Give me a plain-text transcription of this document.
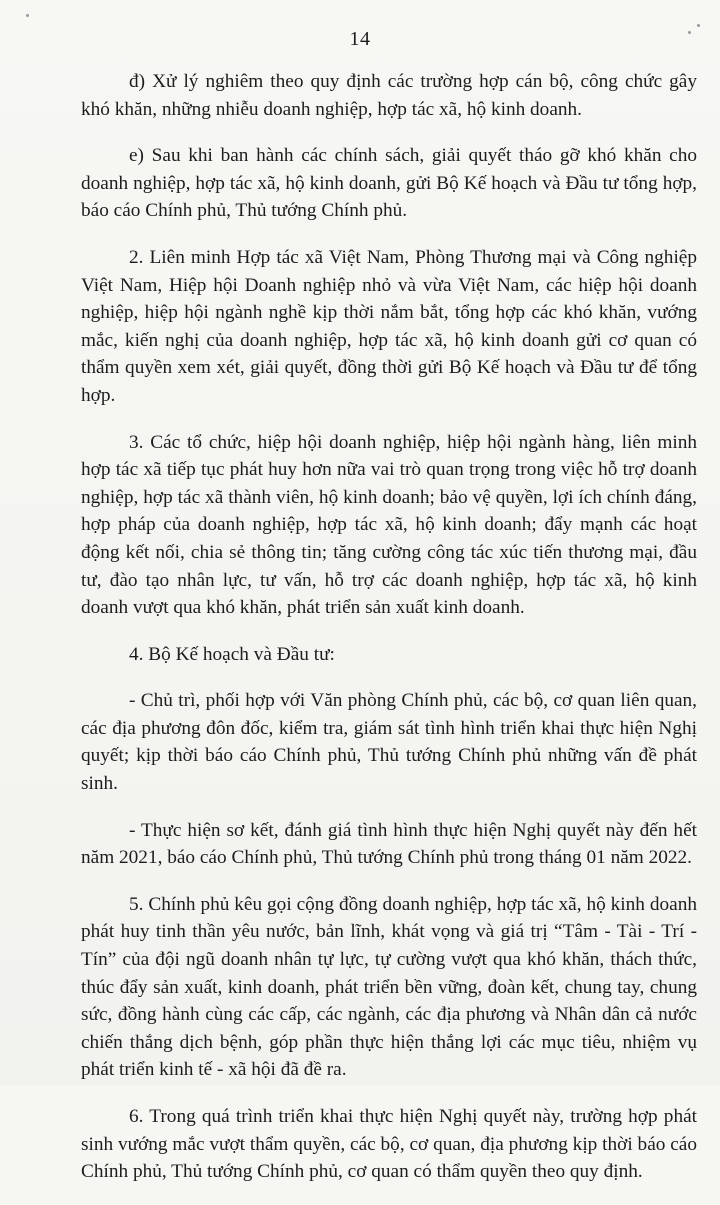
14

đ) Xử lý nghiêm theo quy định các trường hợp cán bộ, công chức gây khó khăn, những nhiễu doanh nghiệp, hợp tác xã, hộ kinh doanh.

e) Sau khi ban hành các chính sách, giải quyết tháo gỡ khó khăn cho doanh nghiệp, hợp tác xã, hộ kinh doanh, gửi Bộ Kế hoạch và Đầu tư tổng hợp, báo cáo Chính phủ, Thủ tướng Chính phủ.

2. Liên minh Hợp tác xã Việt Nam, Phòng Thương mại và Công nghiệp Việt Nam, Hiệp hội Doanh nghiệp nhỏ và vừa Việt Nam, các hiệp hội doanh nghiệp, hiệp hội ngành nghề kịp thời nắm bắt, tổng hợp các khó khăn, vướng mắc, kiến nghị của doanh nghiệp, hợp tác xã, hộ kinh doanh gửi cơ quan có thẩm quyền xem xét, giải quyết, đồng thời gửi Bộ Kế hoạch và Đầu tư để tổng hợp.

3. Các tổ chức, hiệp hội doanh nghiệp, hiệp hội ngành hàng, liên minh hợp tác xã tiếp tục phát huy hơn nữa vai trò quan trọng trong việc hỗ trợ doanh nghiệp, hợp tác xã thành viên, hộ kinh doanh; bảo vệ quyền, lợi ích chính đáng, hợp pháp của doanh nghiệp, hợp tác xã, hộ kinh doanh; đẩy mạnh các hoạt động kết nối, chia sẻ thông tin; tăng cường công tác xúc tiến thương mại, đầu tư, đào tạo nhân lực, tư vấn, hỗ trợ các doanh nghiệp, hợp tác xã, hộ kinh doanh vượt qua khó khăn, phát triển sản xuất kinh doanh.

4. Bộ Kế hoạch và Đầu tư:

- Chủ trì, phối hợp với Văn phòng Chính phủ, các bộ, cơ quan liên quan, các địa phương đôn đốc, kiểm tra, giám sát tình hình triển khai thực hiện Nghị quyết; kịp thời báo cáo Chính phủ, Thủ tướng Chính phủ những vấn đề phát sinh.

- Thực hiện sơ kết, đánh giá tình hình thực hiện Nghị quyết này đến hết năm 2021, báo cáo Chính phủ, Thủ tướng Chính phủ trong tháng 01 năm 2022.

5. Chính phủ kêu gọi cộng đồng doanh nghiệp, hợp tác xã, hộ kinh doanh phát huy tinh thần yêu nước, bản lĩnh, khát vọng và giá trị “Tâm - Tài - Trí - Tín” của đội ngũ doanh nhân tự lực, tự cường vượt qua khó khăn, thách thức, thúc đẩy sản xuất, kinh doanh, phát triển bền vững, đoàn kết, chung tay, chung sức, đồng hành cùng các cấp, các ngành, các địa phương và Nhân dân cả nước chiến thắng dịch bệnh, góp phần thực hiện thắng lợi các mục tiêu, nhiệm vụ phát triển kinh tế - xã hội đã đề ra.

6. Trong quá trình triển khai thực hiện Nghị quyết này, trường hợp phát sinh vướng mắc vượt thẩm quyền, các bộ, cơ quan, địa phương kịp thời báo cáo Chính phủ, Thủ tướng Chính phủ, cơ quan có thẩm quyền theo quy định.
